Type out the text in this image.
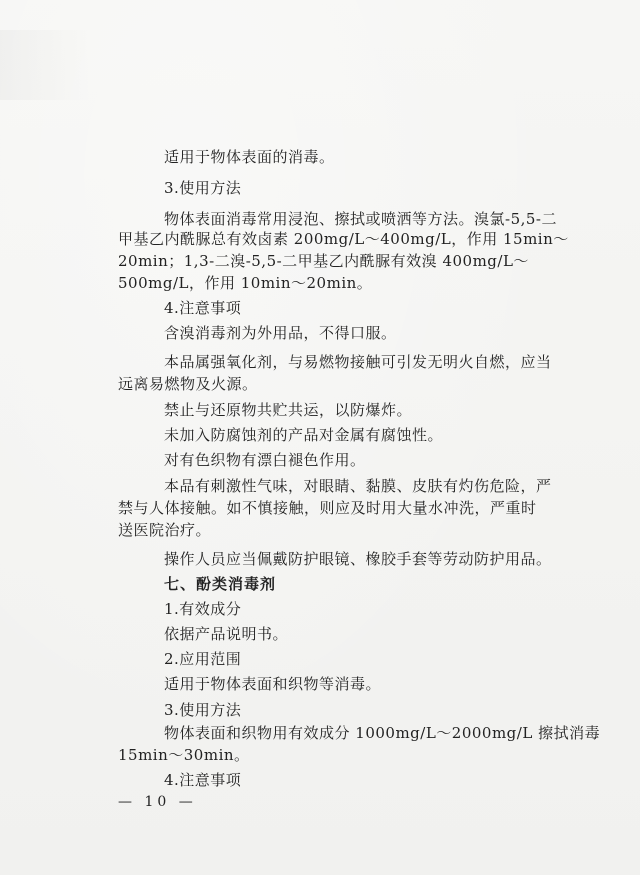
适用于物体表面的消毒。
3.使用方法
物体表面消毒常用浸泡、擦拭或喷洒等方法。溴氯-5,5-二
甲基乙内酰脲总有效卤素 200mg/L～400mg/L，作用 15min～
20min；1,3-二溴-5,5-二甲基乙内酰脲有效溴 400mg/L～
500mg/L，作用 10min～20min。
4.注意事项
含溴消毒剂为外用品，不得口服。
本品属强氧化剂，与易燃物接触可引发无明火自燃，应当
远离易燃物及火源。
禁止与还原物共贮共运，以防爆炸。
未加入防腐蚀剂的产品对金属有腐蚀性。
对有色织物有漂白褪色作用。
本品有刺激性气味，对眼睛、黏膜、皮肤有灼伤危险，严
禁与人体接触。如不慎接触，则应及时用大量水冲洗，严重时
送医院治疗。
操作人员应当佩戴防护眼镜、橡胶手套等劳动防护用品。
七、酚类消毒剂
1.有效成分
依据产品说明书。
2.应用范围
适用于物体表面和织物等消毒。
3.使用方法
物体表面和织物用有效成分 1000mg/L～2000mg/L 擦拭消毒
15min～30min。
4.注意事项
— 10 —
